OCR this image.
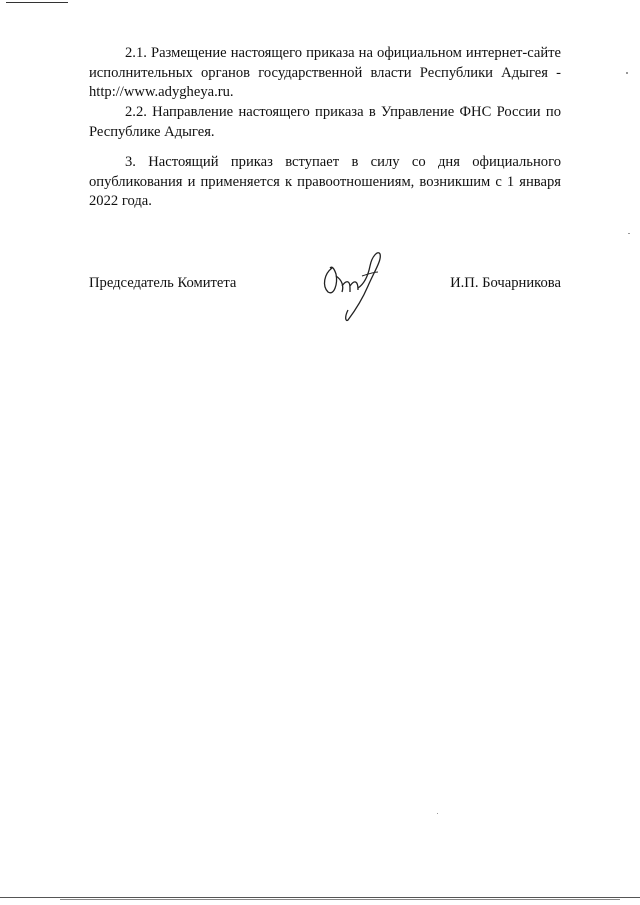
2.1. Размещение настоящего приказа на официальном интернет-сайте исполнительных органов государственной власти Республики Адыгея - http://www.adygheya.ru.

2.2. Направление настоящего приказа в Управление ФНС России по Республике Адыгея.

3. Настоящий приказ вступает в силу со дня официального опубликования и применяется к правоотношениям, возникшим с 1 января 2022 года.

Председатель Комитета	И.П. Бочарникова
